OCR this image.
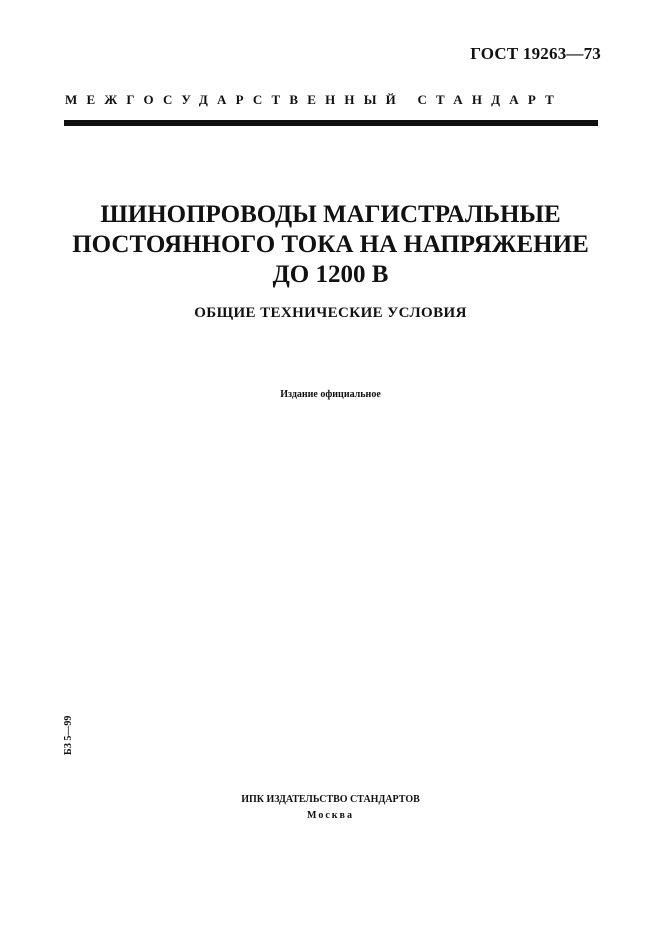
ГОСТ 19263—73
МЕЖГОСУДАРСТВЕННЫЙ СТАНДАРТ
ШИНОПРОВОДЫ МАГИСТРАЛЬНЫЕ
ПОСТОЯННОГО ТОКА НА НАПРЯЖЕНИЕ
ДО 1200 В
ОБЩИЕ ТЕХНИЧЕСКИЕ УСЛОВИЯ
Издание официальное
БЗ 5—99
ИПК ИЗДАТЕЛЬСТВО СТАНДАРТОВ
Москва
